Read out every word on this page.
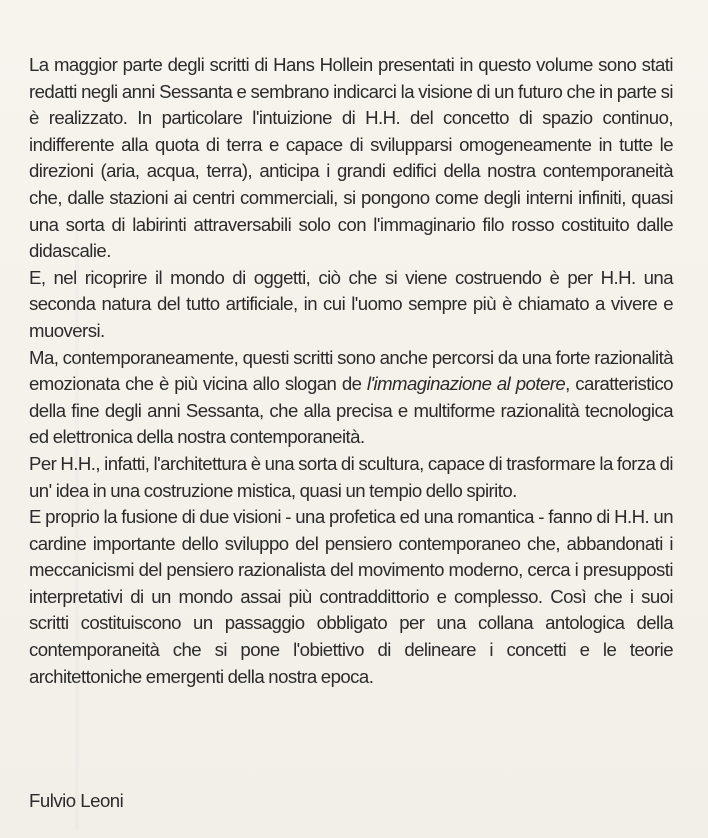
La maggior parte degli scritti di Hans Hollein presentati in questo volume sono stati redatti negli anni Sessanta e sembrano indicarci la visione di un futuro che in parte si è realizzato. In particolare l'intuizione di H.H. del concetto di spazio continuo, indifferente alla quota di terra e capace di svilupparsi omogeneamente in tutte le direzioni (aria, acqua, terra), anticipa i grandi edifici della nostra contemporaneità che, dalle stazioni ai centri commerciali, si pongono come degli interni infiniti, quasi una sorta di labirinti attraversabili solo con l'immaginario filo rosso costituito dalle didascalie.

E, nel ricoprire il mondo di oggetti, ciò che si viene costruendo è per H.H. una seconda natura del tutto artificiale, in cui l'uomo sempre più è chiamato a vivere e muoversi.

Ma, contemporaneamente, questi scritti sono anche percorsi da una forte razionalità emozionata che è più vicina allo slogan de l'immaginazione al potere, caratteristico della fine degli anni Sessanta, che alla precisa e multiforme razionalità tecnologica ed elettronica della nostra contemporaneità.

Per H.H., infatti, l'architettura è una sorta di scultura, capace di trasformare la forza di un' idea in una costruzione mistica, quasi un tempio dello spirito.

E proprio la fusione di due visioni - una profetica ed una romantica - fanno di H.H. un cardine importante dello sviluppo del pensiero contemporaneo che, abbandonati i meccanicismi del pensiero razionalista del movimento moderno, cerca i presupposti interpretativi di un mondo assai più contraddittorio e complesso. Così che i suoi scritti costituiscono un passaggio obbligato per una collana antologica della contemporaneità che si pone l'obiettivo di delineare i concetti e le teorie architettoniche emergenti della nostra epoca.

Fulvio Leoni
